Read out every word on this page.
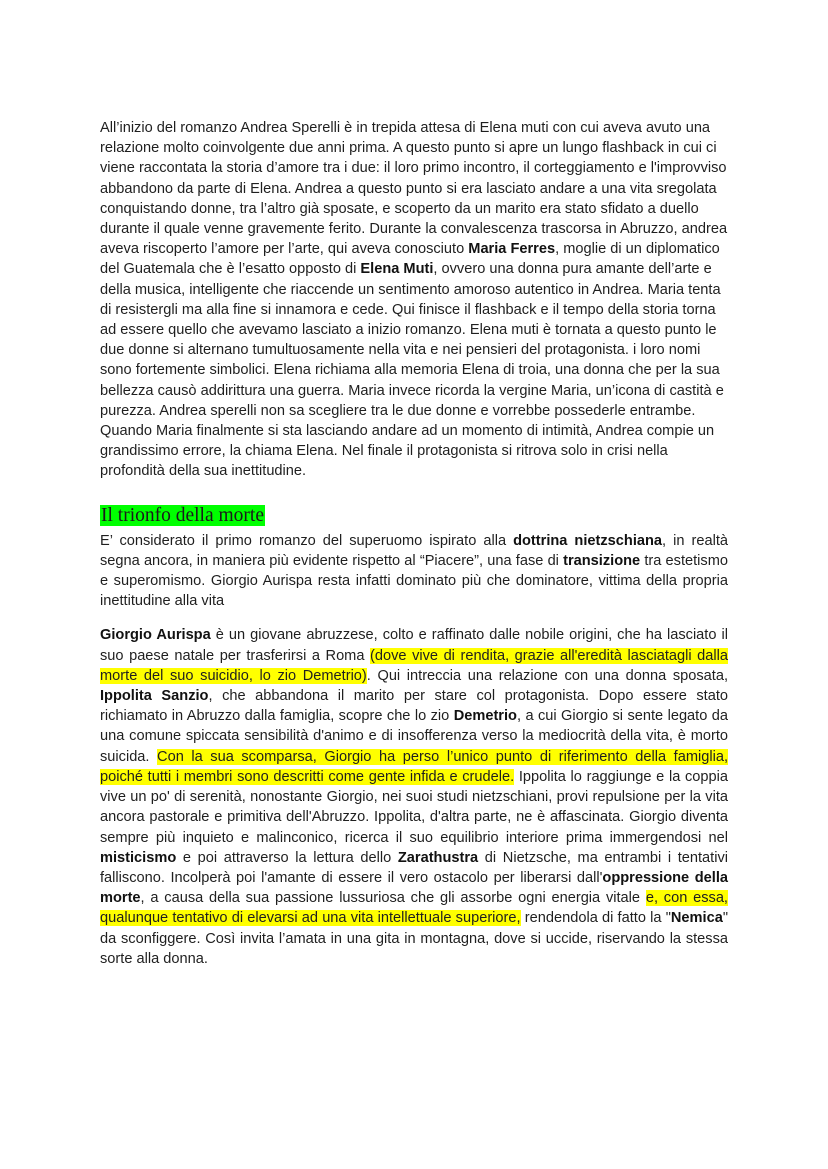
All’inizio del romanzo Andrea Sperelli è in trepida attesa di Elena muti con cui aveva avuto una relazione molto coinvolgente due anni prima. A questo punto si apre un lungo flashback in cui ci viene raccontata la storia d’amore tra i due: il loro primo incontro, il corteggiamento e l'improvviso abbandono da parte di Elena. Andrea a questo punto si era lasciato andare a una vita sregolata conquistando donne, tra l’altro già sposate, e scoperto da un marito era stato sfidato a duello durante il quale venne gravemente ferito. Durante la convalescenza trascorsa in Abruzzo, andrea aveva riscoperto l’amore per l’arte, qui aveva conosciuto Maria Ferres, moglie di un diplomatico del Guatemala che è l’esatto opposto di Elena Muti, ovvero una donna pura amante dell’arte e della musica, intelligente che riaccende un sentimento amoroso autentico in Andrea. Maria tenta di resistergli ma alla fine si innamora e cede. Qui finisce il flashback e il tempo della storia torna ad essere quello che avevamo lasciato a inizio romanzo. Elena muti è tornata a questo punto le due donne si alternano tumultuosamente nella vita e nei pensieri del protagonista. i loro nomi sono fortemente simbolici. Elena richiama alla memoria Elena di troia, una donna che per la sua bellezza causò addirittura una guerra. Maria invece ricorda la vergine Maria, un’icona di castità e purezza. Andrea sperelli non sa scegliere tra le due donne e vorrebbe possederle entrambe. Quando Maria finalmente si sta lasciando andare ad un momento di intimità, Andrea compie un grandissimo errore, la chiama Elena. Nel finale il protagonista si ritrova solo in crisi nella profondità della sua inettitudine.

Il trionfo della morte

E’ considerato il primo romanzo del superuomo ispirato alla dottrina nietzschiana, in realtà segna ancora, in maniera più evidente rispetto al “Piacere”, una fase di transizione tra estetismo e superomismo. Giorgio Aurispa resta infatti dominato più che dominatore, vittima della propria inettitudine alla vita

Giorgio Aurispa è un giovane abruzzese, colto e raffinato dalle nobile origini, che ha lasciato il suo paese natale per trasferirsi a Roma (dove vive di rendita, grazie all'eredità lasciatagli dalla morte del suo suicidio, lo zio Demetrio). Qui intreccia una relazione con una donna sposata, Ippolita Sanzio, che abbandona il marito per stare col protagonista. Dopo essere stato richiamato in Abruzzo dalla famiglia, scopre che lo zio Demetrio, a cui Giorgio si sente legato da una comune spiccata sensibilità d'animo e di insofferenza verso la mediocrità della vita, è morto suicida. Con la sua scomparsa, Giorgio ha perso l’unico punto di riferimento della famiglia, poiché tutti i membri sono descritti come gente infida e crudele. Ippolita lo raggiunge e la coppia vive un po' di serenità, nonostante Giorgio, nei suoi studi nietzschiani, provi repulsione per la vita ancora pastorale e primitiva dell'Abruzzo. Ippolita, d'altra parte, ne è affascinata. Giorgio diventa sempre più inquieto e malinconico, ricerca il suo equilibrio interiore prima immergendosi nel misticismo e poi attraverso la lettura dello Zarathustra di Nietzsche, ma entrambi i tentativi falliscono. Incolperà poi l'amante di essere il vero ostacolo per liberarsi dall'oppressione della morte, a causa della sua passione lussuriosa che gli assorbe ogni energia vitale e, con essa, qualunque tentativo di elevarsi ad una vita intellettuale superiore, rendendola di fatto la "Nemica" da sconfiggere. Così invita l’amata in una gita in montagna, dove si uccide, riservando la stessa sorte alla donna.
